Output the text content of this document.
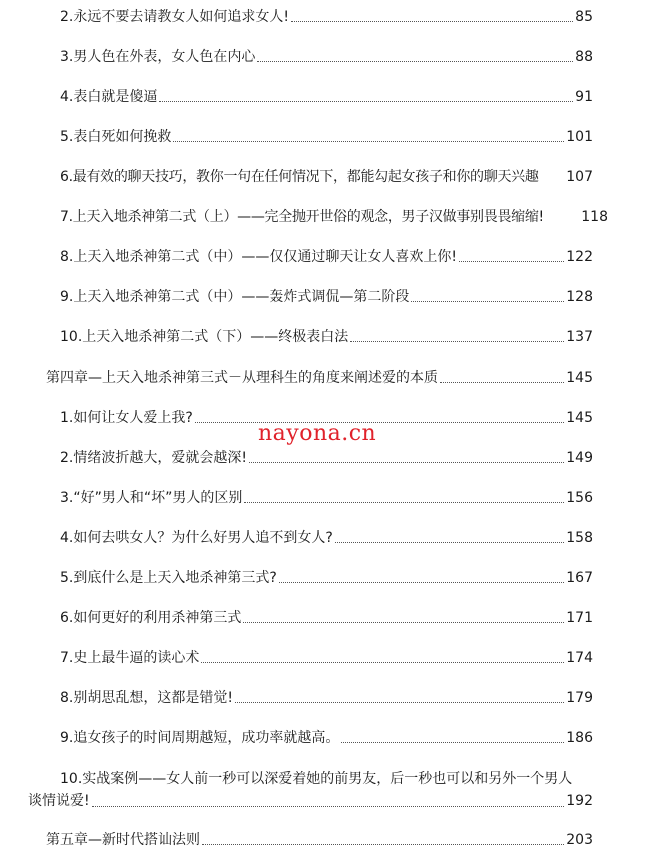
2.永远不要去请教女人如何追求女人!	85
3.男人色在外表，女人色在内心	88
4.表白就是傻逼	91
5.表白死如何挽救	101
6.最有效的聊天技巧，教你一句在任何情况下，都能勾起女孩子和你的聊天兴趣 107
7.上天入地杀神第二式（上）——完全抛开世俗的观念，男子汉做事别畏畏缩缩!	118
8.上天入地杀神第二式（中）——仅仅通过聊天让女人喜欢上你!	122
9.上天入地杀神第二式（中）——轰炸式调侃—第二阶段	128
10.上天入地杀神第二式（下）——终极表白法	137
第四章—上天入地杀神第三式－从理科生的角度来阐述爱的本质	145
1.如何让女人爱上我?	145
2.情绪波折越大，爱就会越深!	149
3.“好”男人和“坏”男人的区别	156
4.如何去哄女人？为什么好男人追不到女人?	158
5.到底什么是上天入地杀神第三式?	167
6.如何更好的利用杀神第三式	171
7.史上最牛逼的读心术	174
8.别胡思乱想，这都是错觉!	179
9.追女孩子的时间周期越短，成功率就越高。	186
10.实战案例——女人前一秒可以深爱着她的前男友，后一秒也可以和另外一个男人
谈情说爱!	192
第五章—新时代搭讪法则	203
nayona.cn
